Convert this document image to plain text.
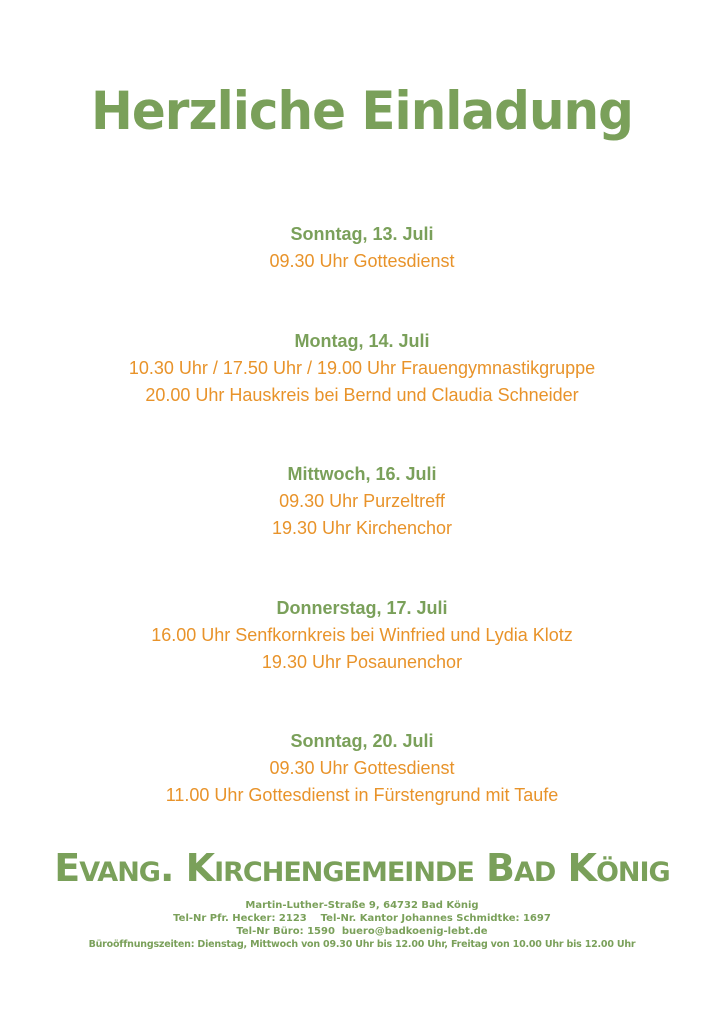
Herzliche Einladung
Sonntag, 13. Juli
09.30 Uhr Gottesdienst
Montag, 14. Juli
10.30 Uhr / 17.50 Uhr / 19.00 Uhr Frauengymnastikgruppe
20.00 Uhr Hauskreis bei Bernd und Claudia Schneider
Mittwoch, 16. Juli
09.30 Uhr Purzeltreff
19.30 Uhr Kirchenchor
Donnerstag, 17. Juli
16.00 Uhr Senfkornkreis bei Winfried und Lydia Klotz
19.30 Uhr Posaunenchor
Sonntag, 20. Juli
09.30 Uhr Gottesdienst
11.00 Uhr Gottesdienst in Fürstengrund mit Taufe
Evang. Kirchengemeinde Bad König
Martin-Luther-Straße 9, 64732 Bad König
Tel-Nr Pfr. Hecker: 2123    Tel-Nr. Kantor Johannes Schmidtke: 1697
Tel-Nr Büro: 1590  buero@badkoenig-lebt.de
Büroöffnungszeiten: Dienstag, Mittwoch von 09.30 Uhr bis 12.00 Uhr, Freitag von 10.00 Uhr bis 12.00 Uhr
